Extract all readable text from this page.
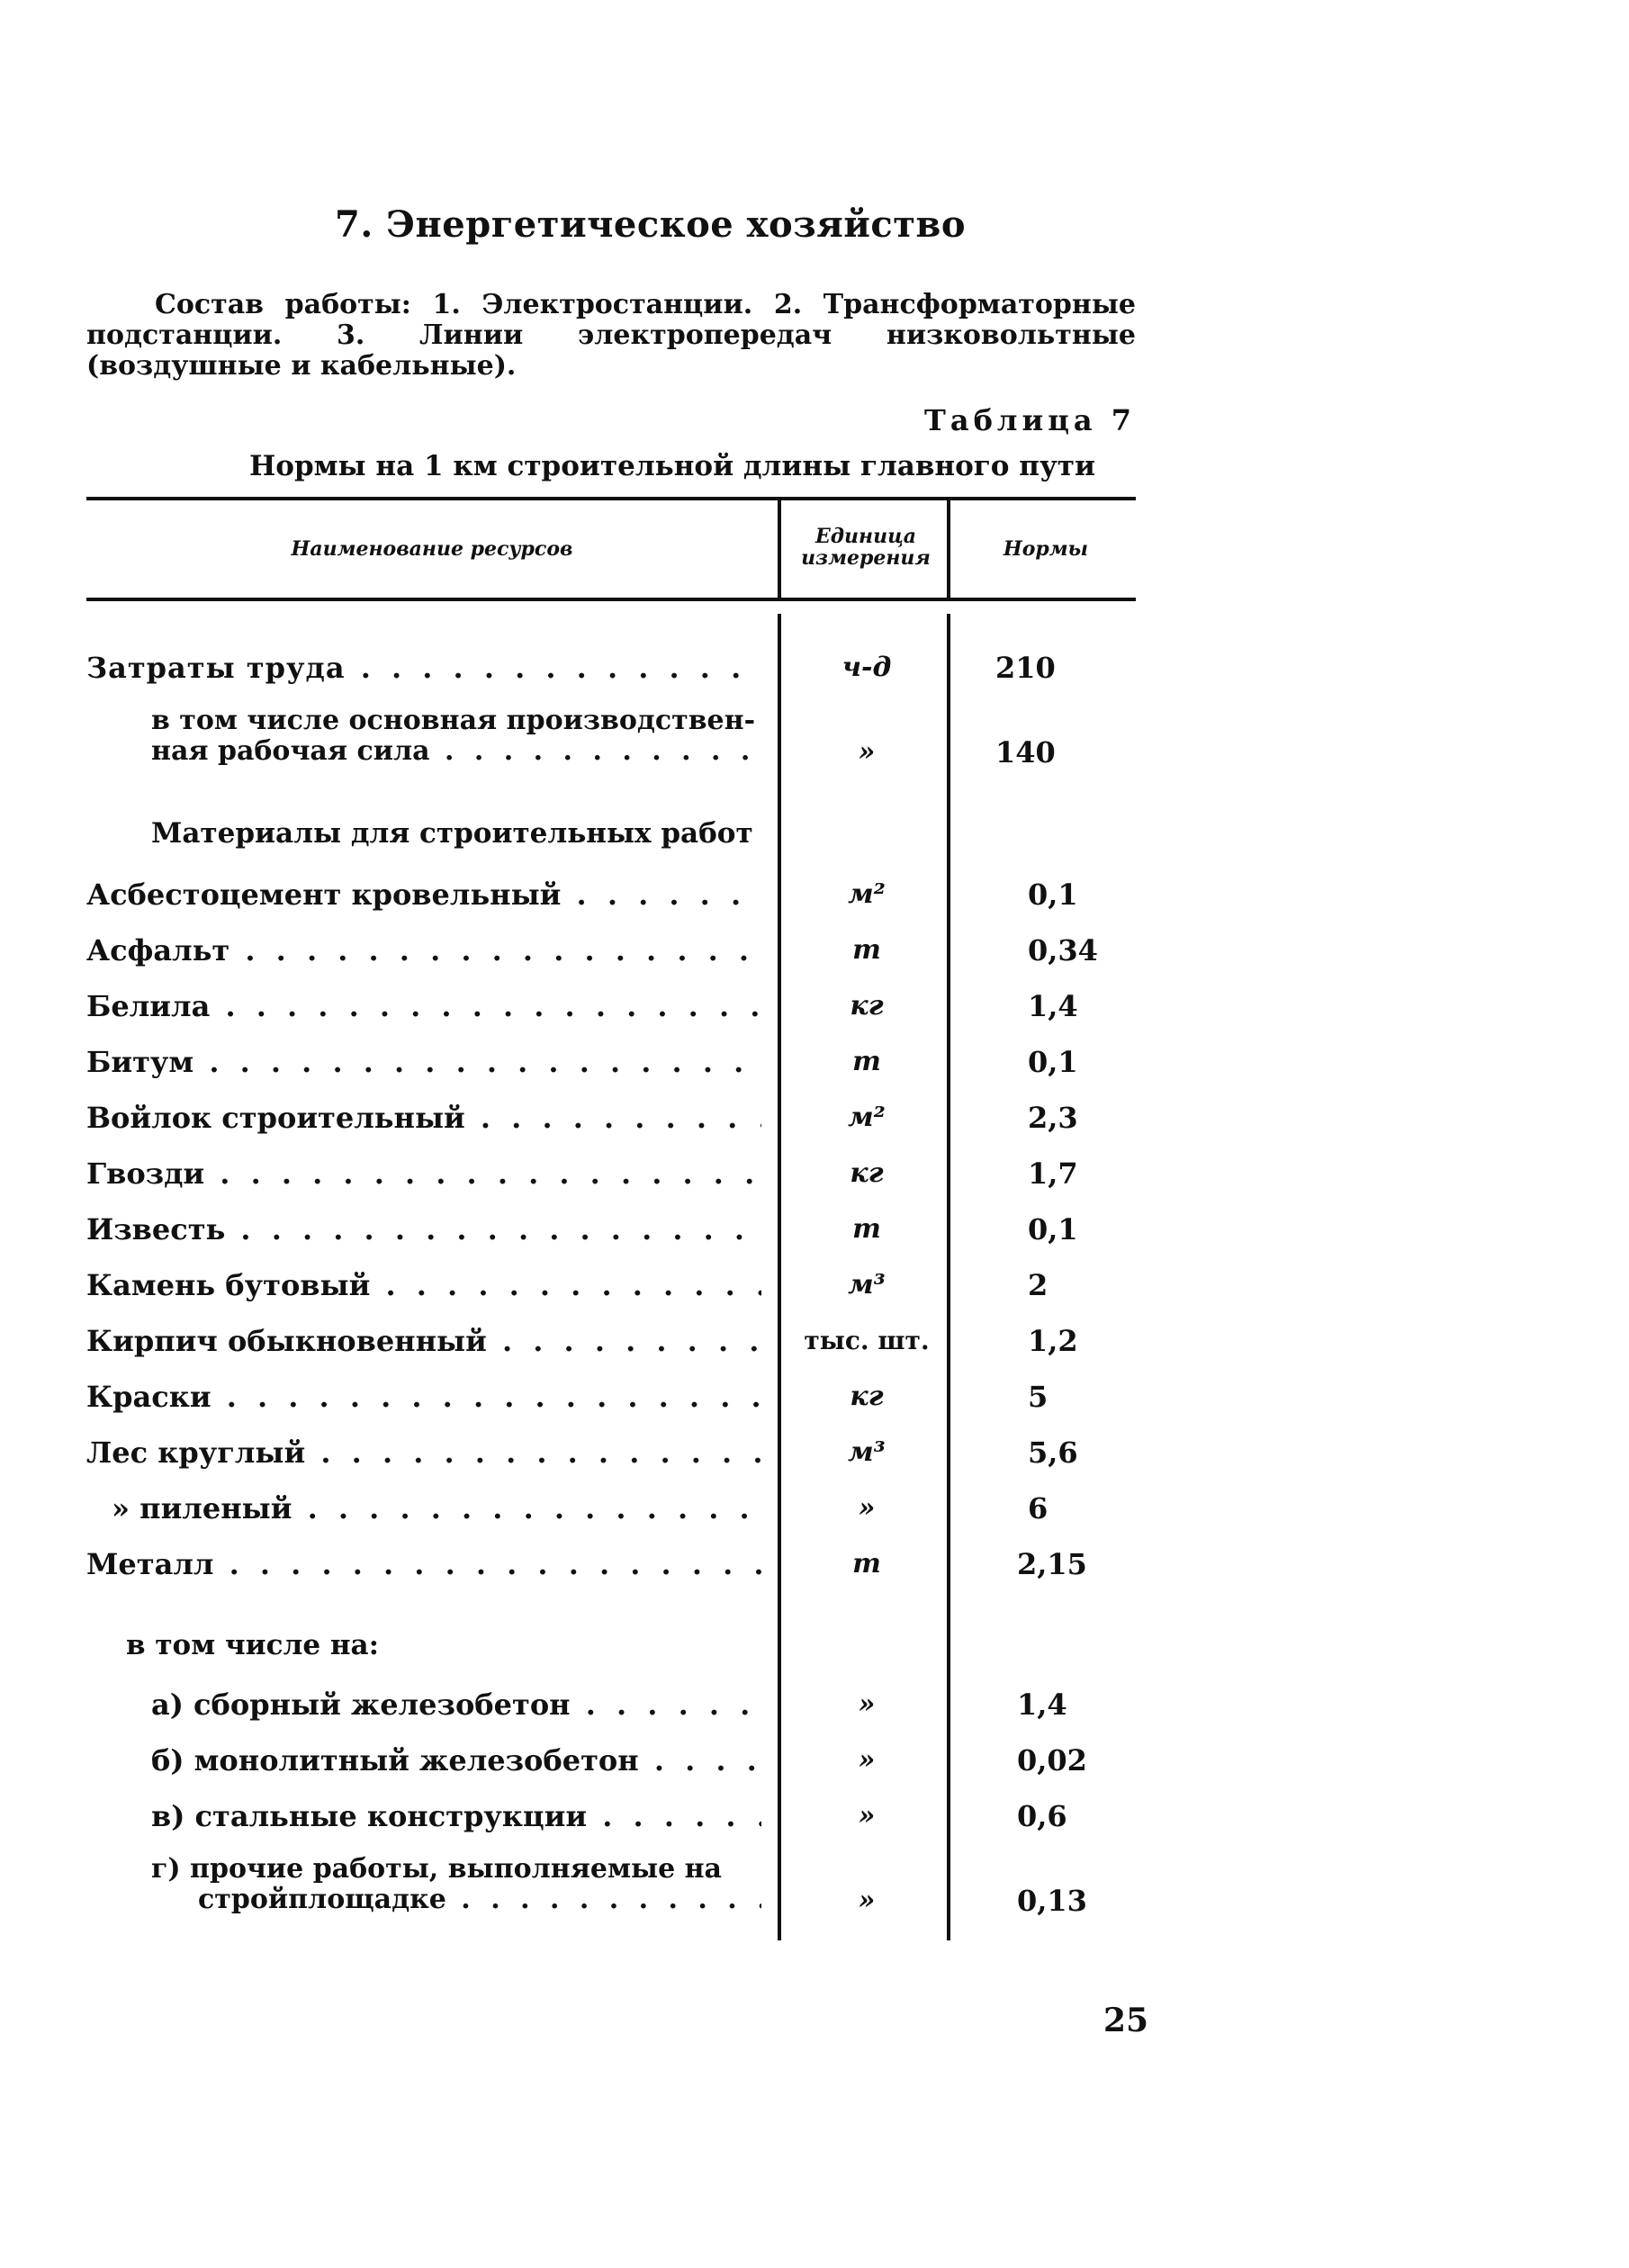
7. Энергетическое хозяйство
Состав работы: 1. Электростанции. 2. Трансформаторные подстанции. 3. Линии электропередач низковольтные (воздушные и кабельные).
Таблица 7
Нормы на 1 км строительной длины главного пути
Наименование ресурсов
Единица измерения	Нормы
Затраты труда . . .	ч-д	210
в том числе основная производствен-
ная рабочая сила . . .	»	140
Материалы для строительных работ
Асбестоцемент кровельный . . .	м²	0,1
Асфальт . . .	т	0,34
Белила . . .	кг	1,4
Битум . . .	т	0,1
Войлок строительный . . .	м²	2,3
Гвозди . . .	кг	1,7
Известь . . .	т	0,1
Камень бутовый . . .	м³	2
Кирпич обыкновенный . . .	тыс. шт.	1,2
Краски . . .	кг	5
Лес круглый . . .	м³	5,6
» пиленый . . .	»	6
Металл . . .	т	2,15
в том числе на:
а) сборный железобетон . . .	»	1,4
б) монолитный железобетон . . .	»	0,02
в) стальные конструкции . . .	»	0,6
г) прочие работы, выполняемые на
стройплощадке . . .	»	0,13
25
